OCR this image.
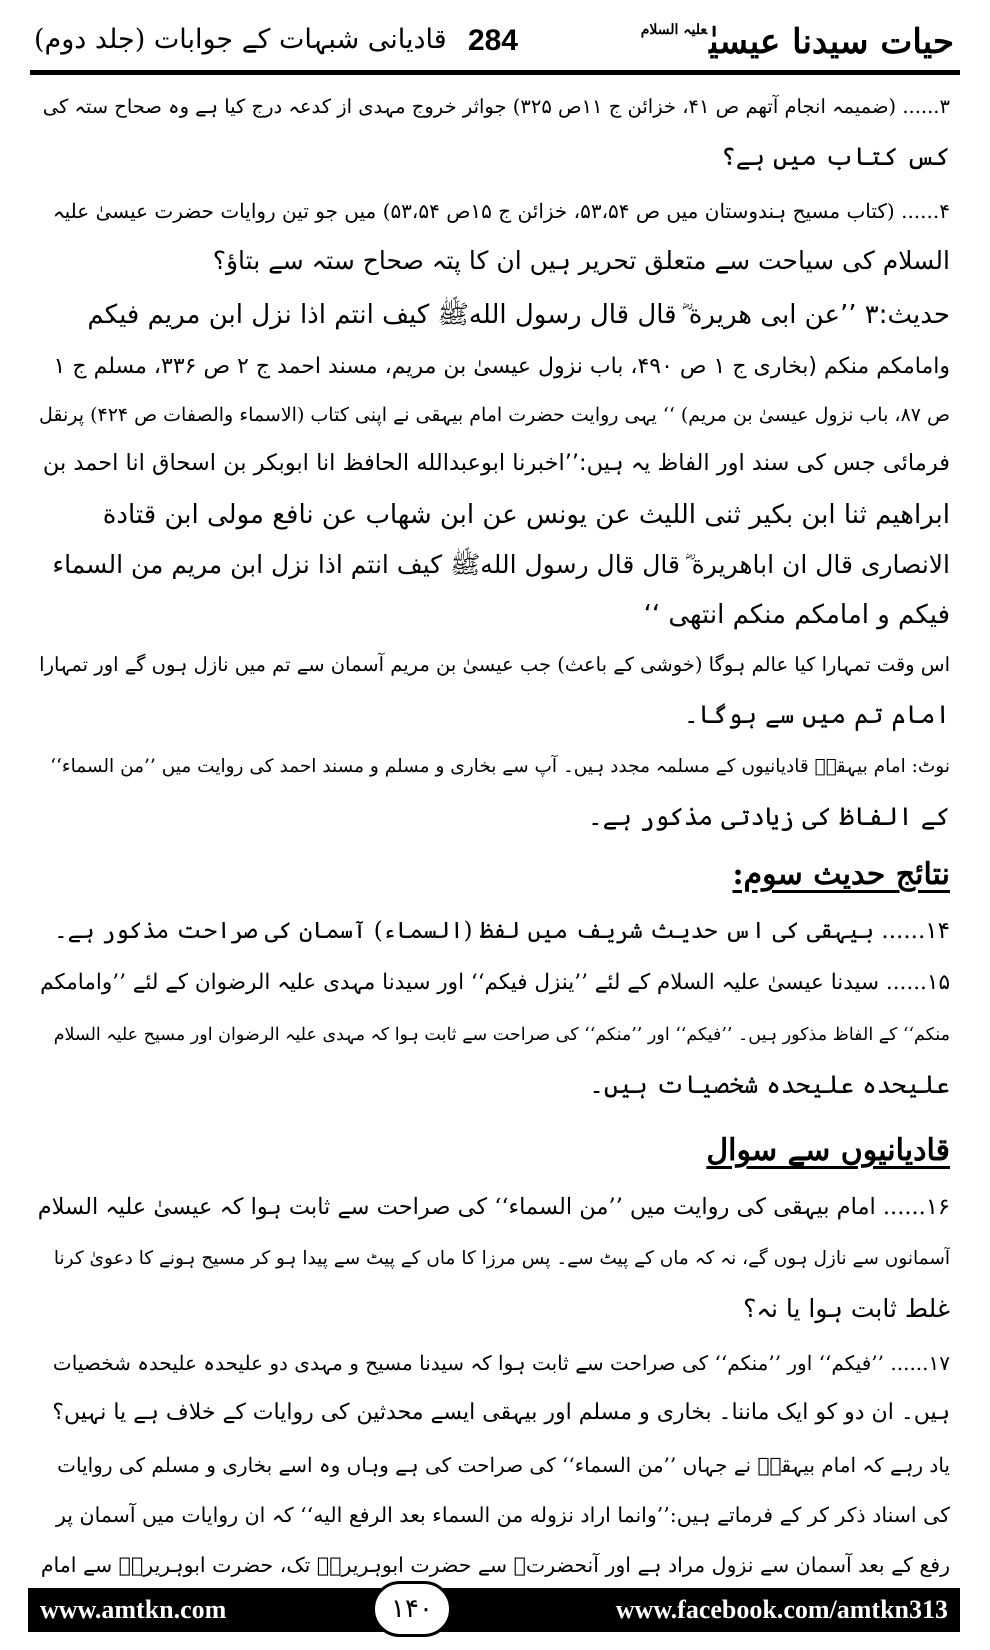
حیات سیدنا عیسیٰ$^{علیہ السلام}$
284
قادیانی شبہات کے جوابات (جلد دوم)
۳...... (ضمیمہ انجام آتھم ص ۴۱، خزائن ج ۱۱ص ۳۲۵) جواثر خروج مہدی از کدعہ درج کیا ہے وہ صحاح ستہ کی
کس کتاب میں ہے؟
۴...... (کتاب مسیح ہندوستان میں ص ۵۳،۵۴، خزائن ج ۱۵ص ۵۳،۵۴) میں جو تین روایات حضرت عیسیٰ علیہ
السلام کی سیاحت سے متعلق تحریر ہیں ان کا پتہ صحاح ستہ سے بتاؤ؟
حدیث:۳ ’’عن ابی هريرة ؓ قال قال رسول اللهﷺ كيف انتم اذا نزل ابن مريم فيكم
وامامكم منكم (بخاری ج ۱ ص ۴۹۰، باب نزول عیسیٰ بن مریم، مسند احمد ج ۲ ص ۳۳۶، مسلم ج ۱
ص ۸۷، باب نزول عیسیٰ بن مریم) ‘‘ یہی روایت حضرت امام بیہقی نے اپنی کتاب (الاسماء والصفات ص ۴۲۴) پرنقل
فرمائی جس کی سند اور الفاظ یہ ہیں:’’اخبرنا ابوعبدالله الحافظ انا ابوبكر بن اسحاق انا احمد بن
ابراهيم ثنا ابن بكير ثنى الليث عن يونس عن ابن شهاب عن نافع مولى ابن قتادة
الانصارى قال ان اباهريرة ؓ قال قال رسول اللهﷺ كيف انتم اذا نزل ابن مريم من السماء
فيكم و امامكم منكم انتهى ‘‘
اس وقت تمہارا کیا عالم ہوگا (خوشی کے باعث) جب عیسیٰ بن مریم آسمان سے تم میں نازل ہوں گے اور تمہارا
امام تم میں سے ہوگا۔
نوٹ: امام بیہقیؒ قادیانیوں کے مسلمہ مجدد ہیں۔ آپ سے بخاری و مسلم و مسند احمد کی روایت میں ’’من السماء‘‘
کے الفاظ کی زیادتی مذکور ہے۔
نتائج حدیث سوم:
۱۴...... بیہقی کی اس حدیث شریف میں لفظ (السماء) آسمان کی صراحت مذکور ہے۔
۱۵...... سیدنا عیسیٰ علیہ السلام کے لئے ’’ینزل فیکم‘‘ اور سیدنا مہدی علیہ الرضوان کے لئے ’’وامامکم
منکم‘‘ کے الفاظ مذکور ہیں۔ ’’فیکم‘‘ اور ’’منکم‘‘ کی صراحت سے ثابت ہوا کہ مہدی علیہ الرضوان اور مسیح علیہ السلام
علیحدہ علیحدہ شخصیات ہیں۔
قادیانیوں سے سوال
۱۶...... امام بیہقی کی روایت میں ’’من السماء‘‘ کی صراحت سے ثابت ہوا کہ عیسیٰ علیہ السلام
آسمانوں سے نازل ہوں گے، نہ کہ ماں کے پیٹ سے۔ پس مرزا کا ماں کے پیٹ سے پیدا ہو کر مسیح ہونے کا دعویٰ کرنا
غلط ثابت ہوا یا نہ؟
۱۷...... ’’فیکم‘‘ اور ’’منکم‘‘ کی صراحت سے ثابت ہوا کہ سیدنا مسیح و مہدی دو علیحدہ علیحدہ شخصیات
ہیں۔ ان دو کو ایک ماننا۔ بخاری و مسلم اور بیہقی ایسے محدثین کی روایات کے خلاف ہے یا نہیں؟
یاد رہے کہ امام بیہقیؒ نے جہاں ’’من السماء‘‘ کی صراحت کی ہے وہاں وہ اسے بخاری و مسلم کی روایات
کی اسناد ذکر کر کے فرماتے ہیں:’’وانما اراد نزوله من السماء بعد الرفع اليه‘‘ کہ ان روایات میں آسمان پر
رفع کے بعد آسمان سے نزول مراد ہے اور آنحضرتﷺ سے حضرت ابوہریرہؓ تک، حضرت ابوہریرہؓ سے امام
www.amtkn.com	www.facebook.com/amtkn313
۱۴۰
